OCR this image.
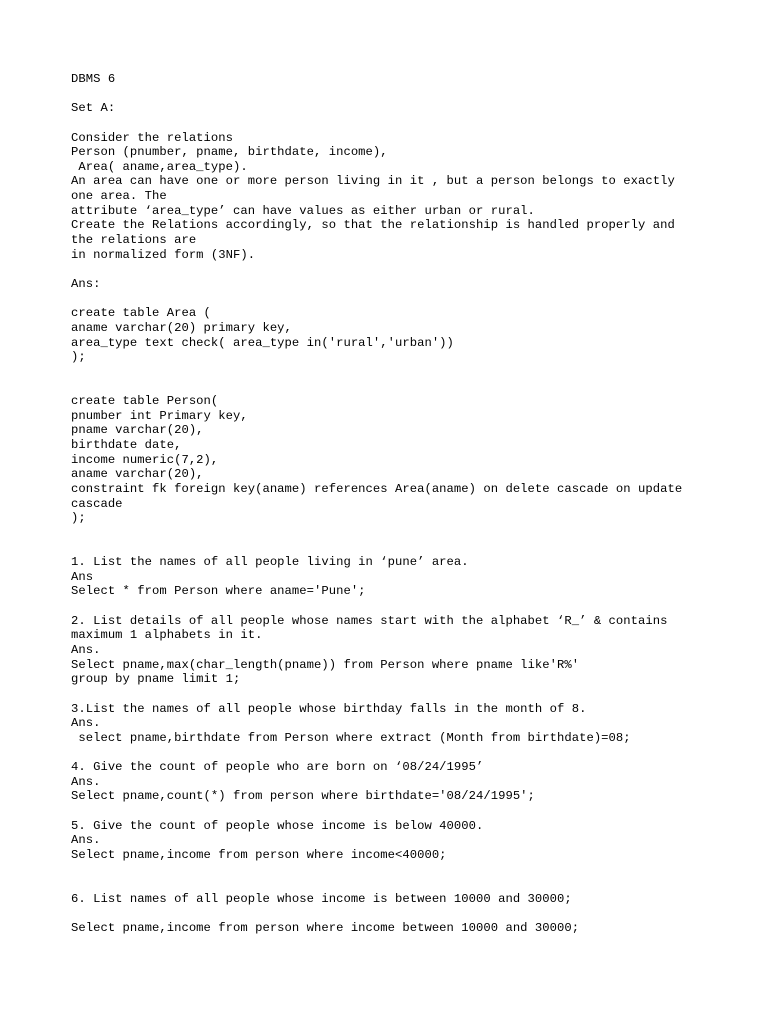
DBMS 6
Set A:
Consider the relations
Person (pnumber, pname, birthdate, income),
Area( aname,area_type).
An area can have one or more person living in it , but a person belongs to exactly
one area. The
attribute ‘area_type’ can have values as either urban or rural.
Create the Relations accordingly, so that the relationship is handled properly and
the relations are
in normalized form (3NF).
Ans:
create table Area (
aname varchar(20) primary key,
area_type text check( area_type in('rural','urban'))
);
create table Person(
pnumber int Primary key,
pname varchar(20),
birthdate date,
income numeric(7,2),
aname varchar(20),
constraint fk foreign key(aname) references Area(aname) on delete cascade on update
cascade
);
1. List the names of all people living in ‘pune’ area.
Ans
Select * from Person where aname='Pune';
2. List details of all people whose names start with the alphabet ‘R_’ & contains
maximum 1 alphabets in it.
Ans.
Select pname,max(char_length(pname)) from Person where pname like'R%'
group by pname limit 1;
3.List the names of all people whose birthday falls in the month of 8.
Ans.
select pname,birthdate from Person where extract (Month from birthdate)=08;
4. Give the count of people who are born on ‘08/24/1995’
Ans.
Select pname,count(*) from person where birthdate='08/24/1995';
5. Give the count of people whose income is below 40000.
Ans.
Select pname,income from person where income<40000;
6. List names of all people whose income is between 10000 and 30000;
Select pname,income from person where income between 10000 and 30000;
